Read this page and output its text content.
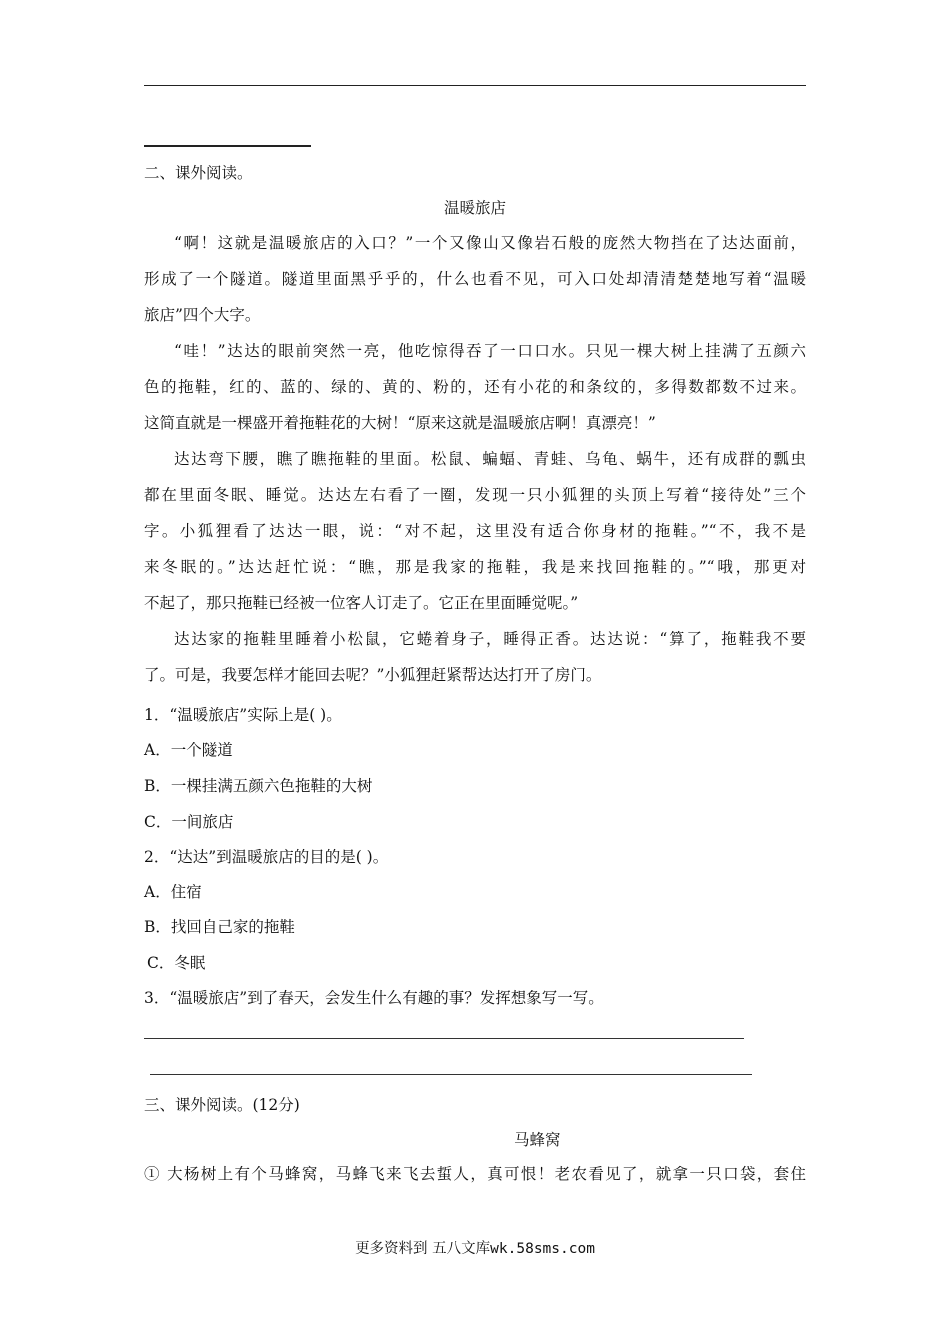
二、课外阅读。
温暖旅店
“啊！这就是温暖旅店的入口？”一个又像山又像岩石般的庞然大物挡在了达达面前，
形成了一个隧道。隧道里面黑乎乎的，什么也看不见，可入口处却清清楚楚地写着“温暖
旅店”四个大字。
“哇！”达达的眼前突然一亮，他吃惊得吞了一口口水。只见一棵大树上挂满了五颜六
色的拖鞋，红的、蓝的、绿的、黄的、粉的，还有小花的和条纹的，多得数都数不过来。
这简直就是一棵盛开着拖鞋花的大树！“原来这就是温暖旅店啊！真漂亮！”
达达弯下腰，瞧了瞧拖鞋的里面。松鼠、蝙蝠、青蛙、乌龟、蜗牛，还有成群的瓢虫
都在里面冬眠、睡觉。达达左右看了一圈，发现一只小狐狸的头顶上写着“接待处”三个
字。小狐狸看了达达一眼，说：“对不起，这里没有适合你身材的拖鞋。”“不，我不是
来冬眠的。”达达赶忙说：“瞧，那是我家的拖鞋，我是来找回拖鞋的。”“哦，那更对
不起了，那只拖鞋已经被一位客人订走了。它正在里面睡觉呢。”
达达家的拖鞋里睡着小松鼠，它蜷着身子，睡得正香。达达说：“算了，拖鞋我不要
了。可是，我要怎样才能回去呢？”小狐狸赶紧帮达达打开了房门。
1．“温暖旅店”实际上是( )。
A．一个隧道
B．一棵挂满五颜六色拖鞋的大树
C．一间旅店
2．“达达”到温暖旅店的目的是( )。
A．住宿
B．找回自己家的拖鞋
C．冬眠
3．“温暖旅店”到了春天，会发生什么有趣的事？发挥想象写一写。
三、课外阅读。(12分)
马蜂窝
① 大杨树上有个马蜂窝，马蜂飞来飞去蜇人，真可恨！老农看见了，就拿一只口袋，套住
更多资料到 五八文库wk.58sms.com
